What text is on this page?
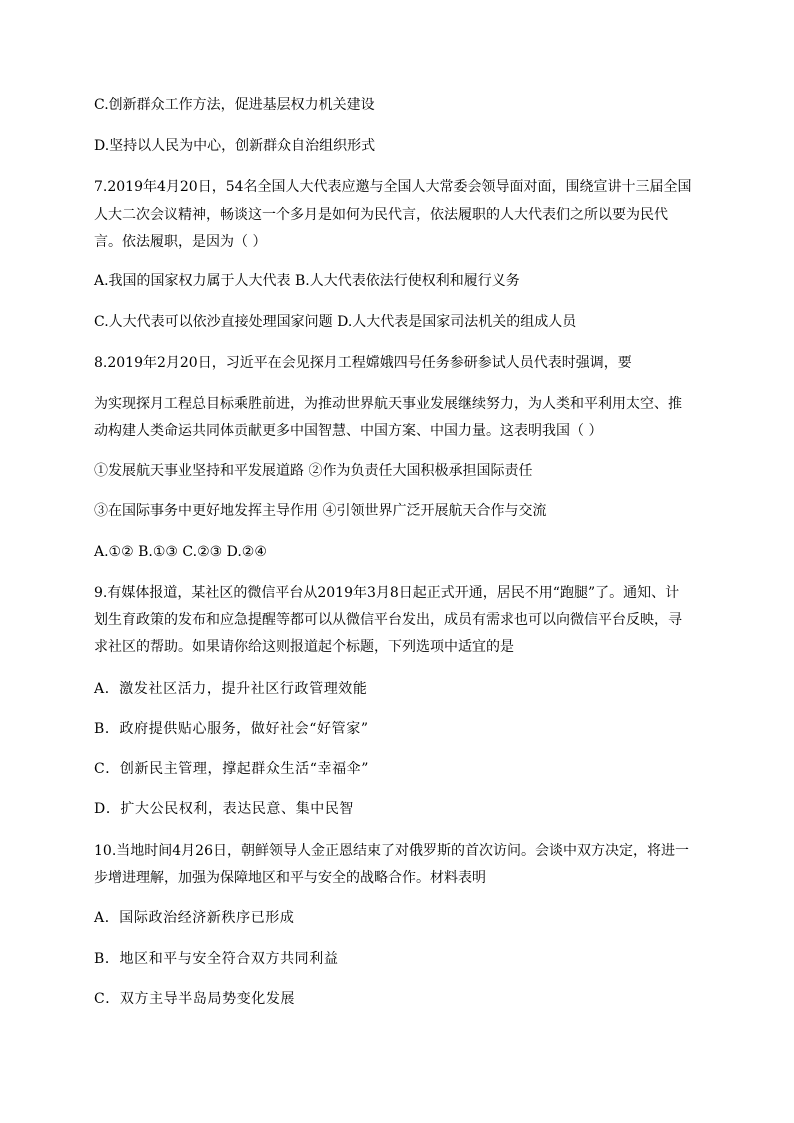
C.创新群众工作方法，促进基层权力机关建设
D.坚持以人民为中心，创新群众自治组织形式
7.2019年4月20日，54名全国人大代表应邀与全国人大常委会领导面对面，围绕宣讲十三届全国
人大二次会议精神，畅谈这一个多月是如何为民代言，依法履职的人大代表们之所以要为民代
言。依法履职，是因为（ ）
A.我国的国家权力属于人大代表 B.人大代表依法行使权利和履行义务
C.人大代表可以依沙直接处理国家问题 D.人大代表是国家司法机关的组成人员
8.2019年2月20日，习近平在会见探月工程嫦娥四号任务参研参试人员代表时强调，要
为实现探月工程总目标乘胜前进，为推动世界航天事业发展继续努力，为人类和平利用太空、推
动构建人类命运共同体贡献更多中国智慧、中国方案、中国力量。这表明我国（ ）
①发展航天事业坚持和平发展道路 ②作为负责任大国积极承担国际责任
③在国际事务中更好地发挥主导作用 ④引领世界广泛开展航天合作与交流
A.①② B.①③ C.②③ D.②④
9.有媒体报道，某社区的微信平台从2019年3月8日起正式开通，居民不用“跑腿”了。通知、计
划生育政策的发布和应急提醒等都可以从微信平台发出，成员有需求也可以向微信平台反映，寻
求社区的帮助。如果请你给这则报道起个标题，下列选项中适宜的是
A．激发社区活力，提升社区行政管理效能
B．政府提供贴心服务，做好社会“好管家”
C．创新民主管理，撑起群众生活“幸福伞”
D．扩大公民权利，表达民意、集中民智
10.当地时间4月26日，朝鲜领导人金正恩结束了对俄罗斯的首次访问。会谈中双方决定，将进一
步增进理解，加强为保障地区和平与安全的战略合作。材料表明
A．国际政治经济新秩序已形成
B．地区和平与安全符合双方共同利益
C．双方主导半岛局势变化发展
